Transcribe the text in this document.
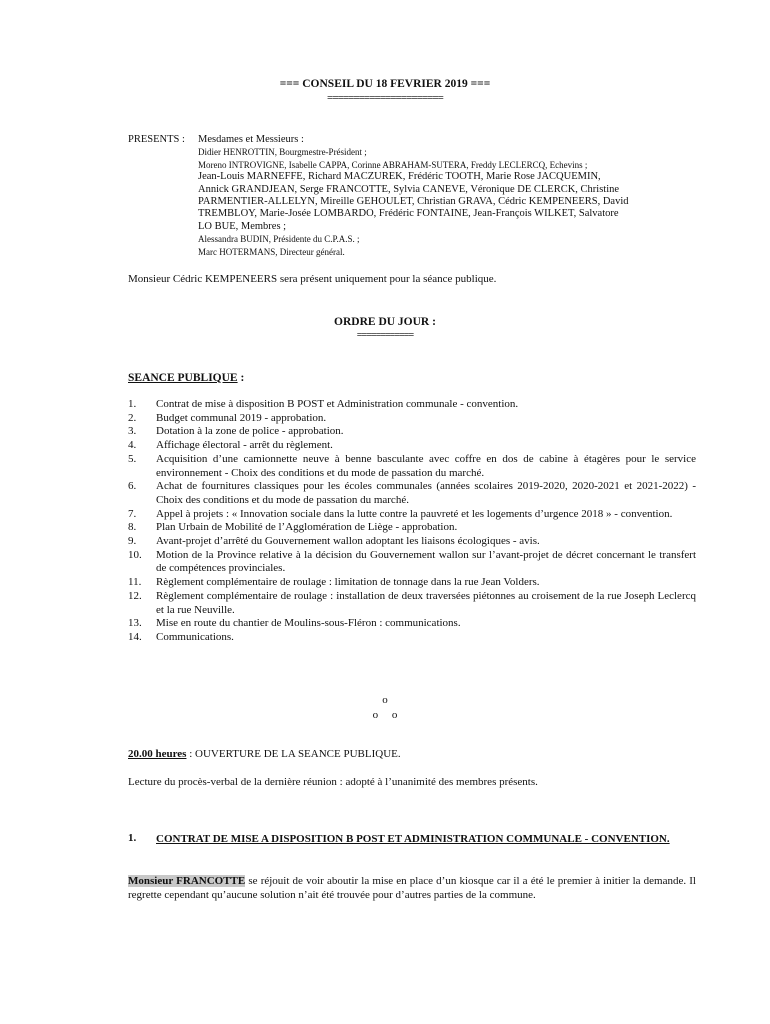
=== CONSEIL DU 18 FEVRIER 2019 ===
======================
PRESENTS : Mesdames et Messieurs :
Didier HENROTTIN, Bourgmestre-Président ;
Moreno INTROVIGNE, Isabelle CAPPA, Corinne ABRAHAM-SUTERA, Freddy LECLERCQ, Echevins ;
Jean-Louis MARNEFFE, Richard MACZUREK, Frédéric TOOTH, Marie Rose JACQUEMIN,
Annick GRANDJEAN, Serge FRANCOTTE, Sylvia CANEVE, Véronique DE CLERCK, Christine
PARMENTIER-ALLELYN, Mireille GEHOULET, Christian GRAVA, Cédric KEMPENEERS, David
TREMBLOY, Marie-Josée LOMBARDO, Frédéric FONTAINE, Jean-François WILKET, Salvatore
LO BUE, Membres ;
Alessandra BUDIN, Présidente du C.P.A.S. ;
Marc HOTERMANS, Directeur général.
Monsieur Cédric KEMPENEERS sera présent uniquement pour la séance publique.
ORDRE DU JOUR :
============
SEANCE PUBLIQUE :
1.	Contrat de mise à disposition B POST et Administration communale - convention.
2.	Budget communal 2019 - approbation.
3.	Dotation à la zone de police - approbation.
4.	Affichage électoral - arrêt du règlement.
5.	Acquisition d’une camionnette neuve à benne basculante avec coffre en dos de cabine à étagères pour le service environnement - Choix des conditions et du mode de passation du marché.
6.	Achat de fournitures classiques pour les écoles communales (années scolaires 2019-2020, 2020-2021 et 2021-2022) - Choix des conditions et du mode de passation du marché.
7.	Appel à projets : « Innovation sociale dans la lutte contre la pauvreté et les logements d’urgence 2018 » - convention.
8.	Plan Urbain de Mobilité de l’Agglomération de Liège - approbation.
9.	Avant-projet d’arrêté du Gouvernement wallon adoptant les liaisons écologiques - avis.
10.	Motion de la Province relative à la décision du Gouvernement wallon sur l’avant-projet de décret concernant le transfert de compétences provinciales.
11.	Règlement complémentaire de roulage : limitation de tonnage dans la rue Jean Volders.
12.	Règlement complémentaire de roulage : installation de deux traversées piétonnes au croisement de la rue Joseph Leclercq et la rue Neuville.
13.	Mise en route du chantier de Moulins-sous-Fléron : communications.
14.	Communications.
o
o     o
20.00 heures : OUVERTURE DE LA SEANCE PUBLIQUE.
Lecture du procès-verbal de la dernière réunion : adopté à l’unanimité des membres présents.
1.	CONTRAT DE MISE A DISPOSITION B POST ET ADMINISTRATION COMMUNALE - CONVENTION.
Monsieur FRANCOTTE se réjouit de voir aboutir la mise en place d’un kiosque car il a été le premier à initier la demande. Il regrette cependant qu’aucune solution n’ait été trouvée pour d’autres parties de la commune.
